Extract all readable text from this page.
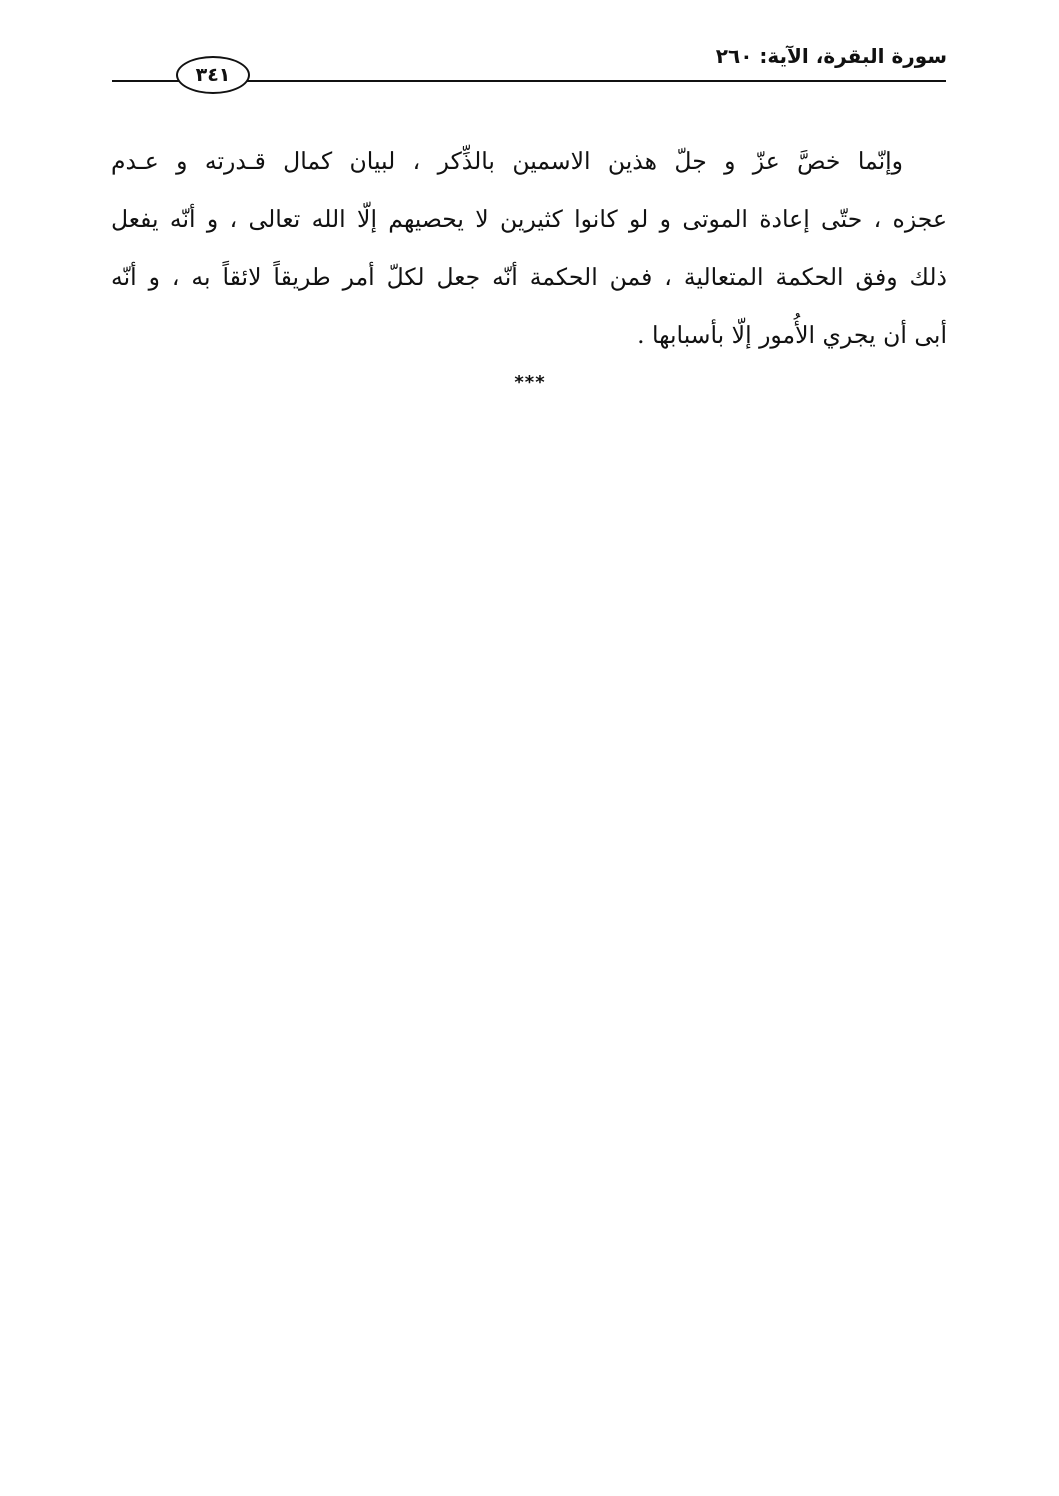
سورة البقرة، الآية: ٢٦٠
٣٤١
وإنّما خصَّ عزّ و جلّ هذين الاسمين بالذِّكر ، لبيان كمال قـدرته و عـدم
عجزه ، حتّى إعادة الموتى و لو كانوا كثيرين لا يحصيهم إلّا الله تعالى ، و أنّه يفعل
ذلك وفق الحكمة المتعالية ، فمن الحكمة أنّه جعل لكلّ أمر طريقاً لائقاً به ، و أنّه
أبى أن يجري الأُمور إلّا بأسبابها .
***
